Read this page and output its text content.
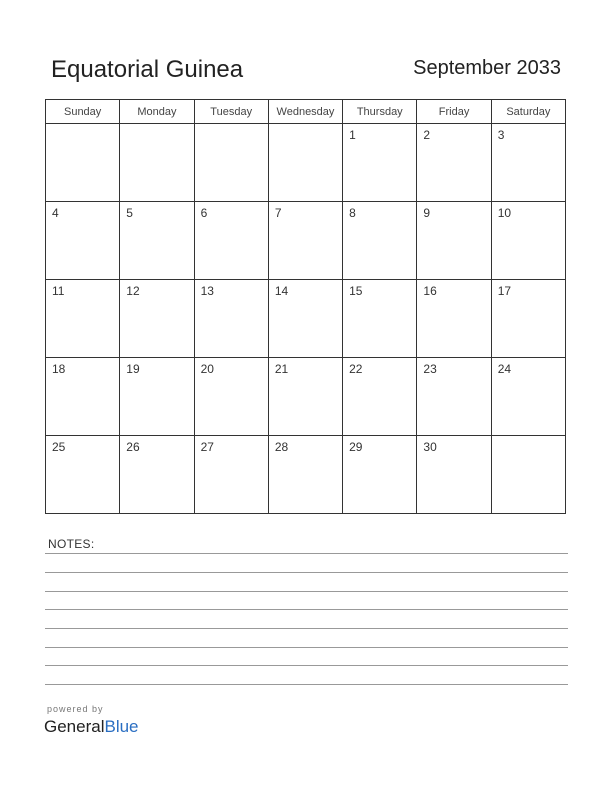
Equatorial Guinea	September 2033
Sunday	Monday	Tuesday	Wednesday	Thursday	Friday	Saturday
				1	2	3
4	5	6	7	8	9	10
11	12	13	14	15	16	17
18	19	20	21	22	23	24
25	26	27	28	29	30	
NOTES:
powered by
GeneralBlue
